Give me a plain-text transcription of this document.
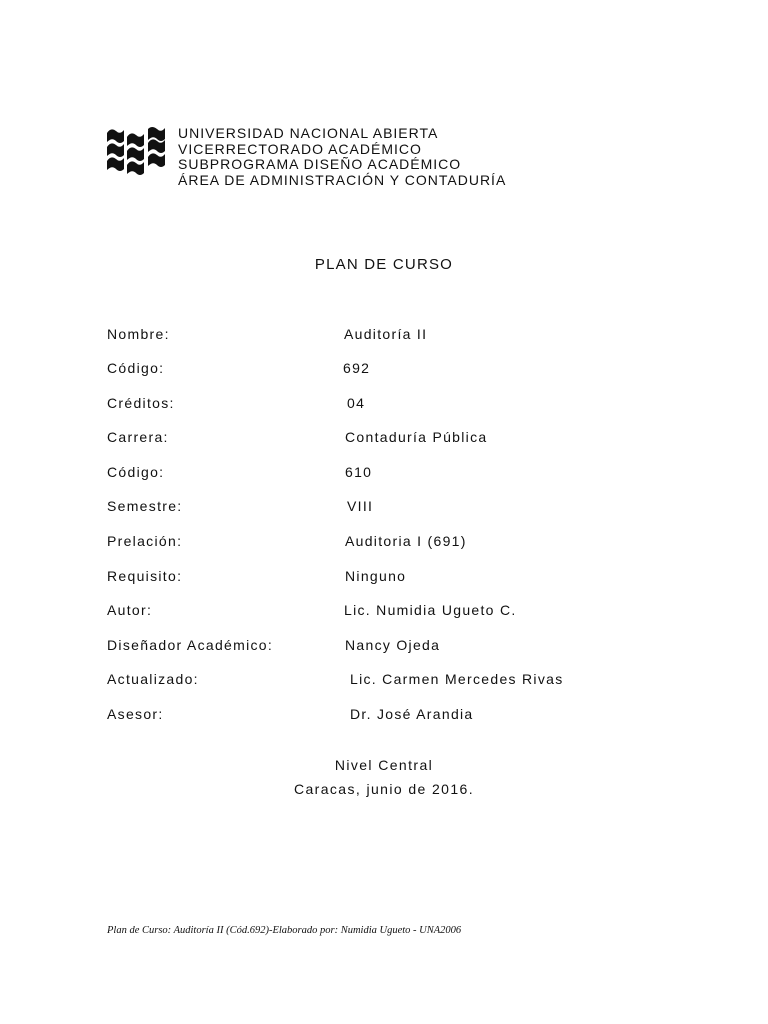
UNIVERSIDAD NACIONAL ABIERTA
VICERRECTORADO ACADÉMICO
SUBPROGRAMA DISEÑO ACADÉMICO
ÁREA DE ADMINISTRACIÓN Y CONTADURÍA
PLAN DE CURSO
Nombre:	Auditoría II
Código:	692
Créditos:	04
Carrera:	Contaduría Pública
Código:	610
Semestre:	VIII
Prelación:	Auditoria I (691)
Requisito:	Ninguno
Autor:	Lic. Numidia Ugueto C.
Diseñador Académico:	Nancy Ojeda
Actualizado:	Lic. Carmen Mercedes Rivas
Asesor:	Dr. José Arandia
Nivel Central
Caracas, junio de 2016.
Plan de Curso: Auditoría II (Cód.692)-Elaborado por: Numidia Ugueto - UNA2006
